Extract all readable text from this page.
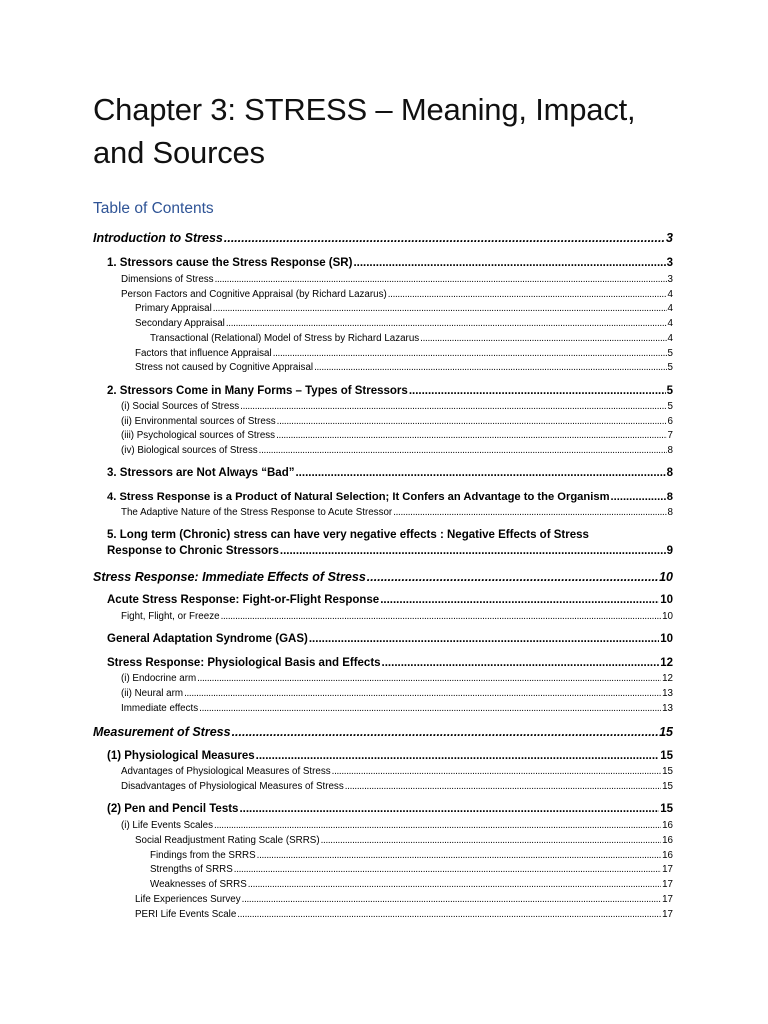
Chapter 3: STRESS – Meaning, Impact,
and Sources
Table of Contents
Introduction to Stress .....	3
1. Stressors cause the Stress Response (SR) .....	3
Dimensions of Stress .....	3
Person Factors and Cognitive Appraisal (by Richard Lazarus) .....	4
Primary Appraisal .....	4
Secondary Appraisal .....	4
Transactional (Relational) Model of Stress by Richard Lazarus .....	4
Factors that influence Appraisal .....	5
Stress not caused by Cognitive Appraisal .....	5
2. Stressors Come in Many Forms – Types of Stressors .....	5
(i) Social Sources of Stress .....	5
(ii) Environmental sources of Stress .....	6
(iii) Psychological sources of Stress .....	7
(iv) Biological sources of Stress .....	8
3. Stressors are Not Always “Bad” .....	8
4. Stress Response is a Product of Natural Selection; It Confers an Advantage to the Organism .....	8
The Adaptive Nature of the Stress Response to Acute Stressor .....	8
5. Long term (Chronic) stress can have very negative effects : Negative Effects of Stress
Response to Chronic Stressors .....	9
Stress Response: Immediate Effects of Stress .....	10
Acute Stress Response: Fight-or-Flight Response .....	10
Fight, Flight, or Freeze .....	10
General Adaptation Syndrome (GAS) .....	10
Stress Response: Physiological Basis and Effects .....	12
(i) Endocrine arm .....	12
(ii) Neural arm .....	13
Immediate effects .....	13
Measurement of Stress .....	15
(1) Physiological Measures .....	15
Advantages of Physiological Measures of Stress .....	15
Disadvantages of Physiological Measures of Stress .....	15
(2) Pen and Pencil Tests .....	15
(i) Life Events Scales .....	16
Social Readjustment Rating Scale (SRRS) .....	16
Findings from the SRRS .....	16
Strengths of SRRS .....	17
Weaknesses of SRRS .....	17
Life Experiences Survey .....	17
PERI Life Events Scale .....	17
